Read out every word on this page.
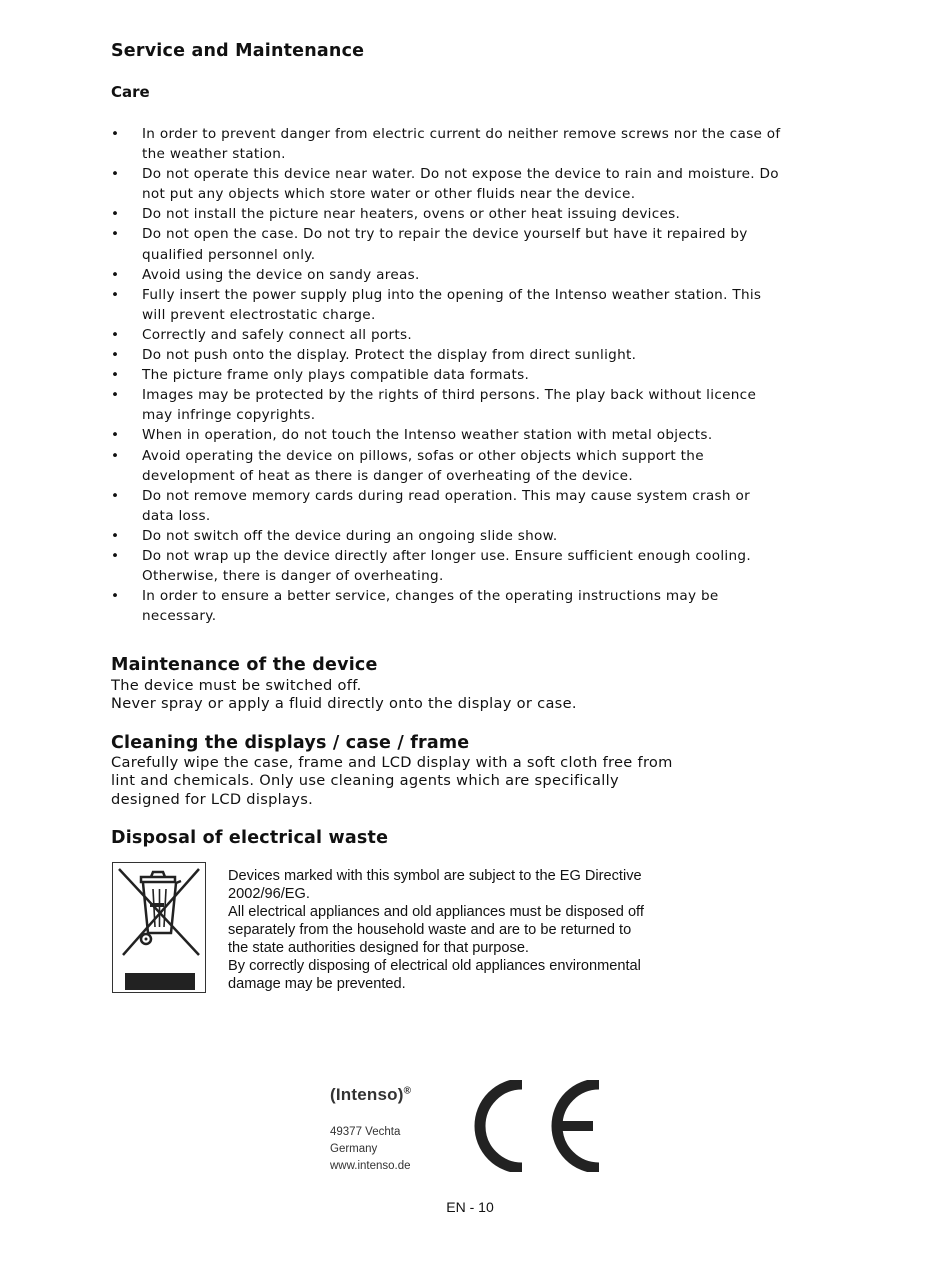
Service and Maintenance
Care
• In order to prevent danger from electric current do neither remove screws nor the case of
the weather station.
• Do not operate this device near water. Do not expose the device to rain and moisture. Do
not put any objects which store water or other fluids near the device.
• Do not install the picture near heaters, ovens or other heat issuing devices.
• Do not open the case. Do not try to repair the device yourself but have it repaired by
qualified personnel only.
• Avoid using the device on sandy areas.
• Fully insert the power supply plug into the opening of the Intenso weather station. This
will prevent electrostatic charge.
• Correctly and safely connect all ports.
• Do not push onto the display. Protect the display from direct sunlight.
• The picture frame only plays compatible data formats.
• Images may be protected by the rights of third persons. The play back without licence
may infringe copyrights.
• When in operation, do not touch the Intenso weather station with metal objects.
• Avoid operating the device on pillows, sofas or other objects which support the
development of heat as there is danger of overheating of the device.
• Do not remove memory cards during read operation. This may cause system crash or
data loss.
• Do not switch off the device during an ongoing slide show.
• Do not wrap up the device directly after longer use. Ensure sufficient enough cooling.
Otherwise, there is danger of overheating.
• In order to ensure a better service, changes of the operating instructions may be
necessary.
Maintenance of the device

The device must be switched off.
Never spray or apply a fluid directly onto the display or case.

Cleaning the displays / case / frame

Carefully wipe the case, frame and LCD display with a soft cloth free from
lint and chemicals. Only use cleaning agents which are specifically
designed for LCD displays.

Disposal of electrical waste

Devices marked with this symbol are subject to the EG Directive
2002/96/EG.
All electrical appliances and old appliances must be disposed off
separately from the household waste and are to be returned to
the state authorities designed for that purpose.
By correctly disposing of electrical old appliances environmental
damage may be prevented.

(Intenso)®
49377 Vechta
Germany
www.intenso.de
EN - 10
